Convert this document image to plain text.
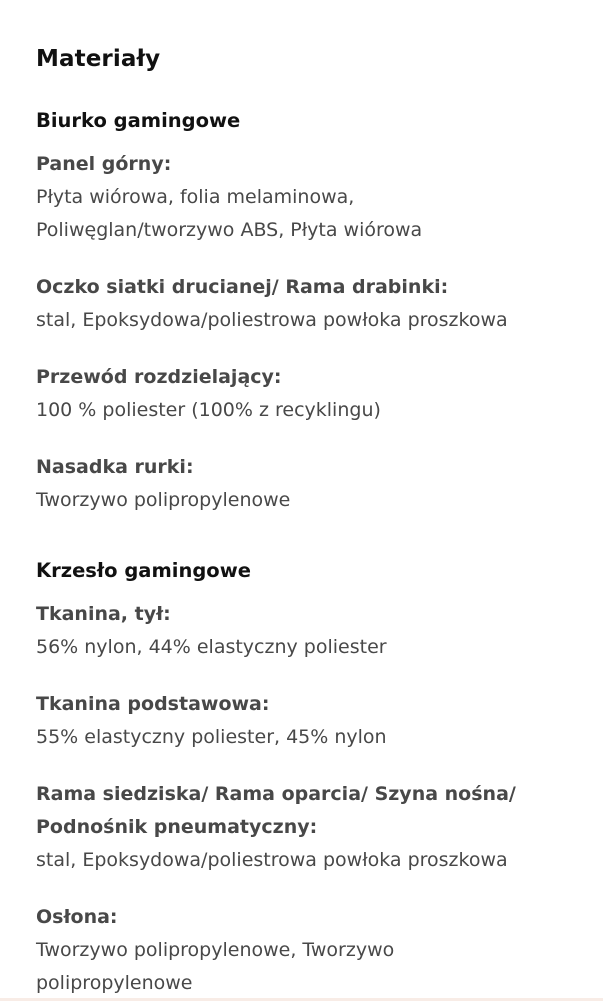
Materiały
Biurko gamingowe
Panel górny:
Płyta wiórowa, folia melaminowa, Poliwęglan/tworzywo ABS, Płyta wiórowa
Oczko siatki drucianej/ Rama drabinki:
stal, Epoksydowa/poliestrowa powłoka proszkowa
Przewód rozdzielający:
100 % poliester (100% z recyklingu)
Nasadka rurki:
Tworzywo polipropylenowe
Krzesło gamingowe
Tkanina, tył:
56% nylon, 44% elastyczny poliester
Tkanina podstawowa:
55% elastyczny poliester, 45% nylon
Rama siedziska/ Rama oparcia/ Szyna nośna/ Podnośnik pneumatyczny:
stal, Epoksydowa/poliestrowa powłoka proszkowa
Osłona:
Tworzywo polipropylenowe, Tworzywo polipropylenowe
